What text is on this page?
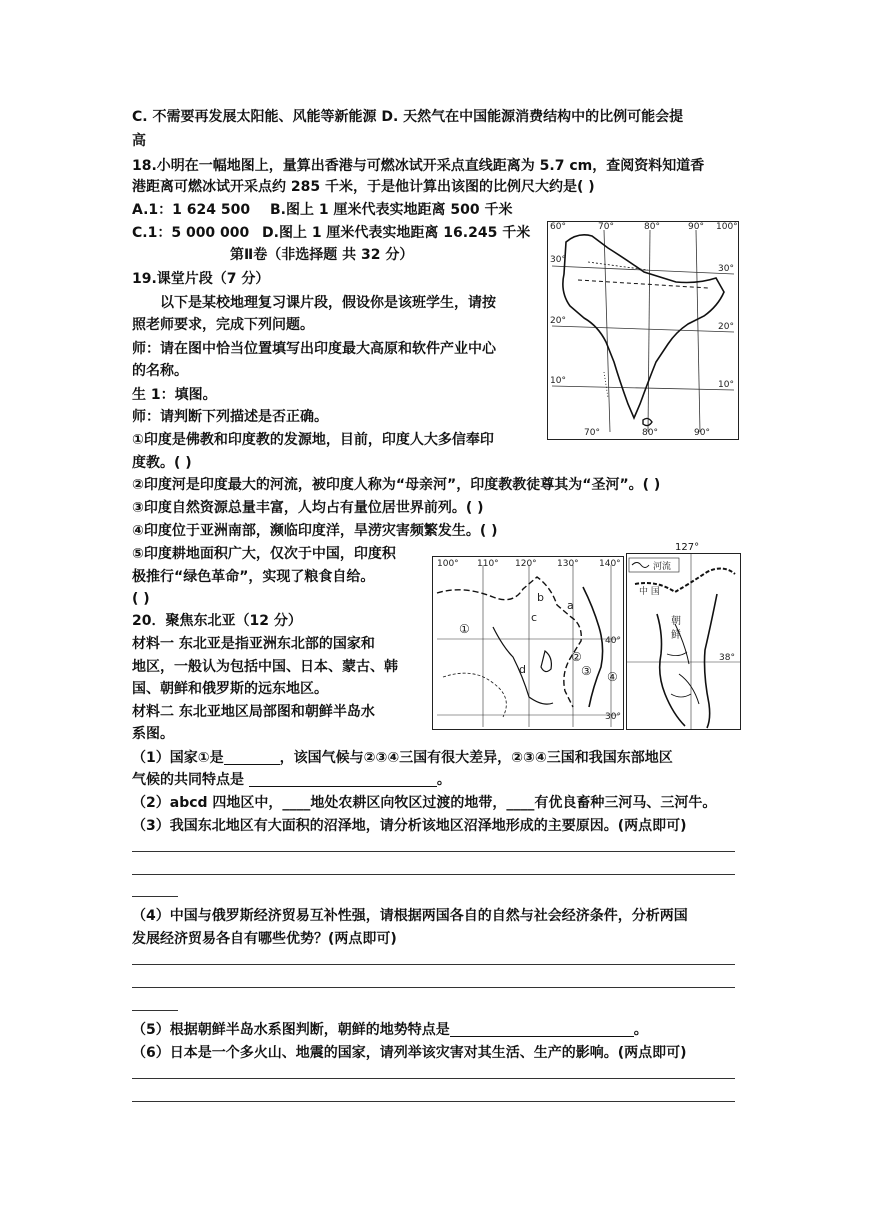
C. 不需要再发展太阳能、风能等新能源 D. 天然气在中国能源消费结构中的比例可能会提
高
18.小明在一幅地图上，量算出香港与可燃冰试开采点直线距离为 5.7 cm，查阅资料知道香
港距离可燃冰试开采点约 285 千米，于是他计算出该图的比例尺大约是( )
A.1：1 624 500 B.图上 1 厘米代表实地距离 500 千米
C.1：5 000 000 D.图上 1 厘米代表实地距离 16.245 千米
第Ⅱ卷（非选择题 共 32 分）
19.课堂片段（7 分）
以下是某校地理复习课片段，假设你是该班学生，请按
照老师要求，完成下列问题。
师：请在图中恰当位置填写出印度最大高原和软件产业中心
的名称。
生 1：填图。
师：请判断下列描述是否正确。
①印度是佛教和印度教的发源地，目前，印度人大多信奉印
度教。( )
②印度河是印度最大的河流，被印度人称为“母亲河”，印度教教徒尊其为“圣河”。( )
③印度自然资源总量丰富，人均占有量位居世界前列。( )
④印度位于亚洲南部，濒临印度洋，旱涝灾害频繁发生。( )
⑤印度耕地面积广大，仅次于中国，印度积
极推行“绿色革命”，实现了粮食自给。
( )
20．聚焦东北亚（12 分）
材料一 东北亚是指亚洲东北部的国家和
地区，一般认为包括中国、日本、蒙古、韩
国、朝鲜和俄罗斯的远东地区。
材料二 东北亚地区局部图和朝鲜半岛水
系图。
（1）国家①是	，该国气候与②③④三国有很大差异，②③④三国和我国东部地区
气候的共同特点是	。
（2）abcd 四地区中，____地处农耕区向牧区过渡的地带，____有优良畜种三河马、三河牛。
（3）我国东北地区有大面积的沼泽地，请分析该地区沼泽地形成的主要原因。(两点即可)
（4）中国与俄罗斯经济贸易互补性强，请根据两国各自的自然与社会经济条件，分析两国
发展经济贸易各自有哪些优势？(两点即可)
（5）根据朝鲜半岛水系图判断，朝鲜的地势特点是	。
（6）日本是一个多火山、地震的国家，请列举该灾害对其生活、生产的影响。(两点即可)
60°	70°	80°	90° 100°
30°
20°
10°
30°
20°
10°
70°	80°	90°
100° 110° 120° 130° 140°
40°
30°
a
b
c
d
①
②
③ ④
河流
中 国
朝
鲜
38°
127°
